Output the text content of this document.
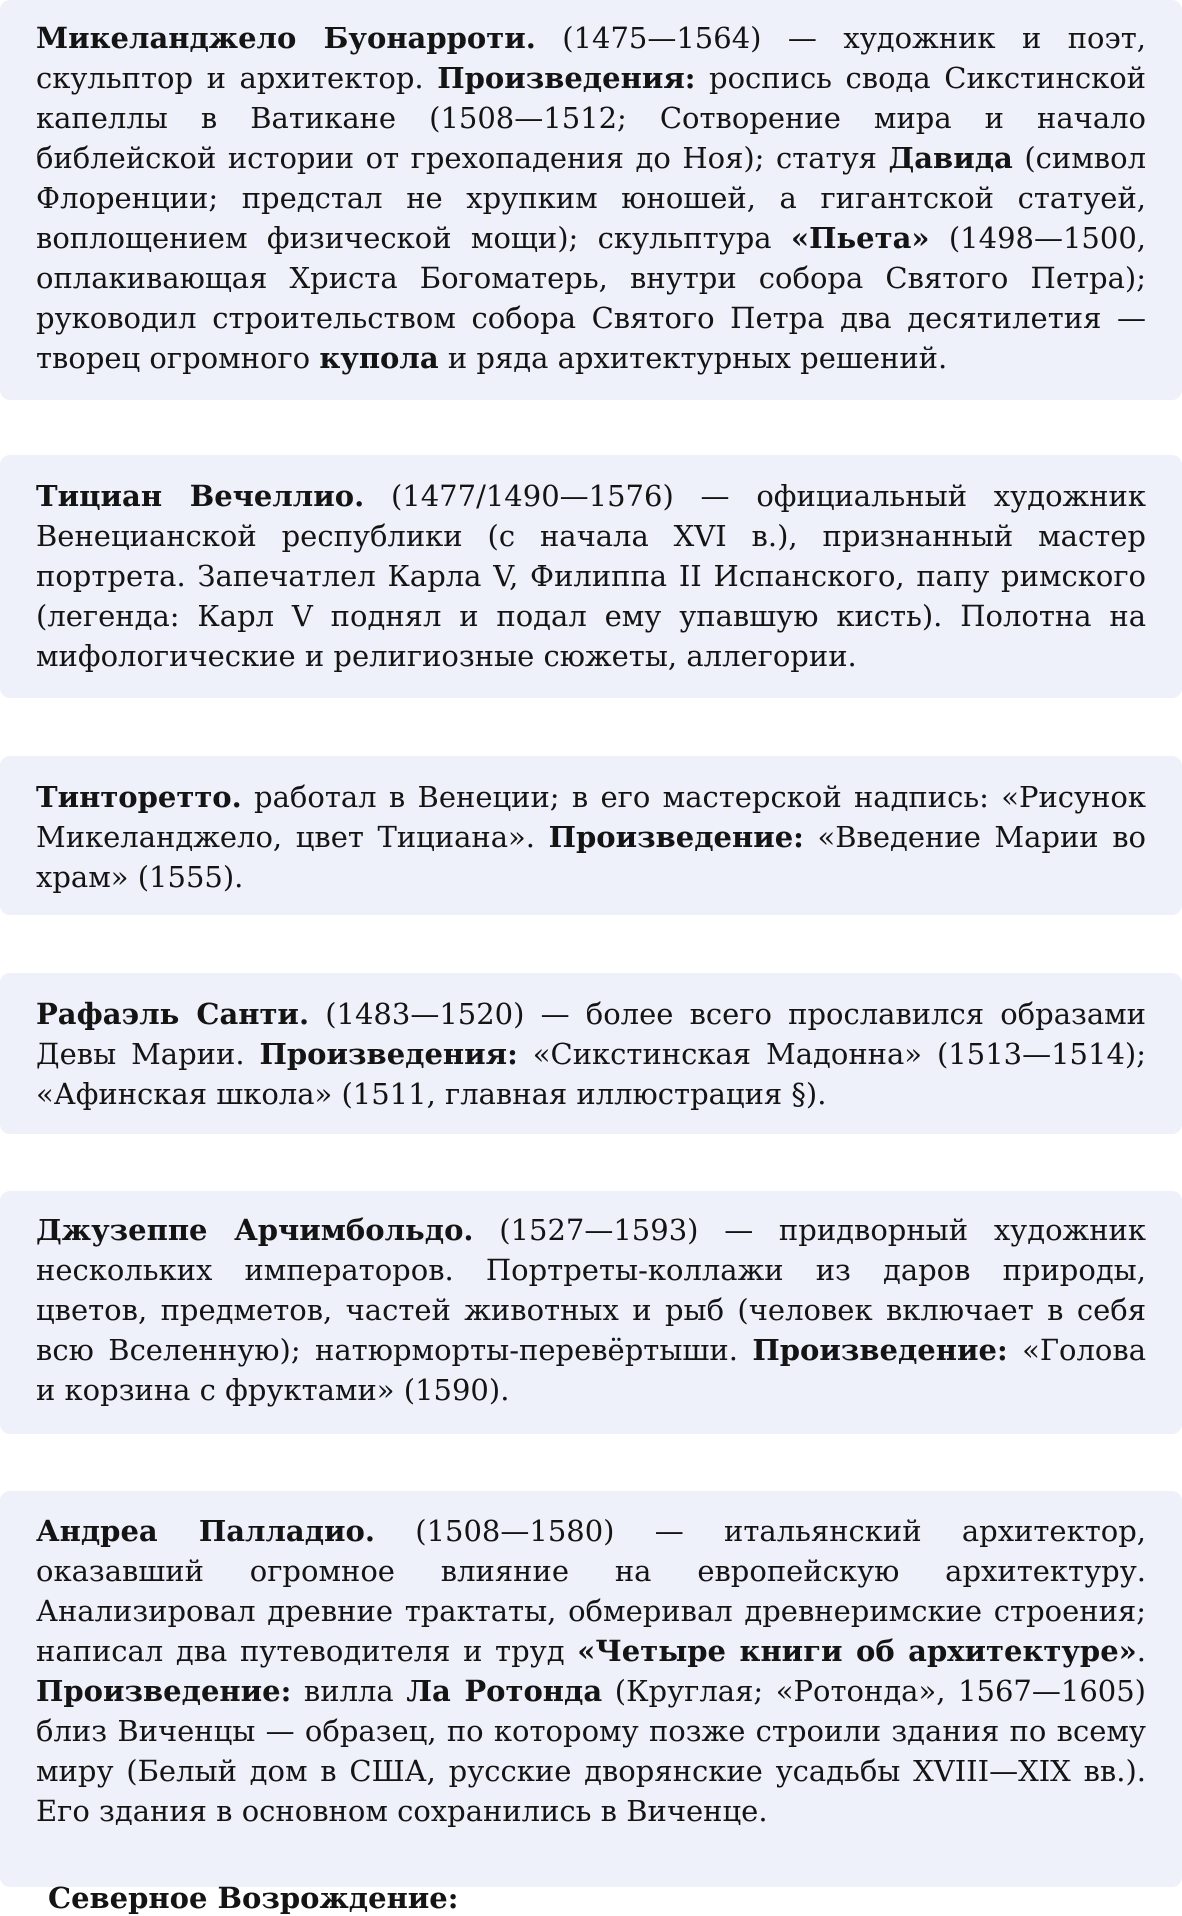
Микеланджело Буонарроти. (1475—1564) — художник и поэт, скульптор и архитектор. Произведения: роспись свода Сикстинской капеллы в Ватикане (1508—1512; Сотворение мира и начало библейской истории от грехопадения до Ноя); статуя Давида (символ Флоренции; предстал не хрупким юношей, а гигантской статуей, воплощением физической мощи); скульптура «Пьета» (1498—1500, оплакивающая Христа Богоматерь, внутри собора Святого Петра); руководил строительством собора Святого Петра два десятилетия — творец огромного купола и ряда архитектурных решений.

Тициан Вечеллио. (1477/1490—1576) — официальный художник Венецианской республики (с начала XVI в.), признанный мастер портрета. Запечатлел Карла V, Филиппа II Испанского, папу римского (легенда: Карл V поднял и подал ему упавшую кисть). Полотна на мифологические и религиозные сюжеты, аллегории.

Тинторетто. работал в Венеции; в его мастерской надпись: «Рисунок Микеланджело, цвет Тициана». Произведение: «Введение Марии во храм» (1555).

Рафаэль Санти. (1483—1520) — более всего прославился образами Девы Марии. Произведения: «Сикстинская Мадонна» (1513—1514); «Афинская школа» (1511, главная иллюстрация §).

Джузеппе Арчимбольдо. (1527—1593) — придворный художник нескольких императоров. Портреты-коллажи из даров природы, цветов, предметов, частей животных и рыб (человек включает в себя всю Вселенную); натюрморты-перевёртыши. Произведение: «Голова и корзина с фруктами» (1590).

Андреа Палладио. (1508—1580) — итальянский архитектор, оказавший огромное влияние на европейскую архитектуру. Анализировал древние трактаты, обмеривал древнеримские строения; написал два путеводителя и труд «Четыре книги об архитектуре». Произведение: вилла Ла Ротонда (Круглая; «Ротонда», 1567—1605) близ Виченцы — образец, по которому позже строили здания по всему миру (Белый дом в США, русские дворянские усадьбы XVIII—XIX вв.). Его здания в основном сохранились в Виченце.

Северное Возрождение:
